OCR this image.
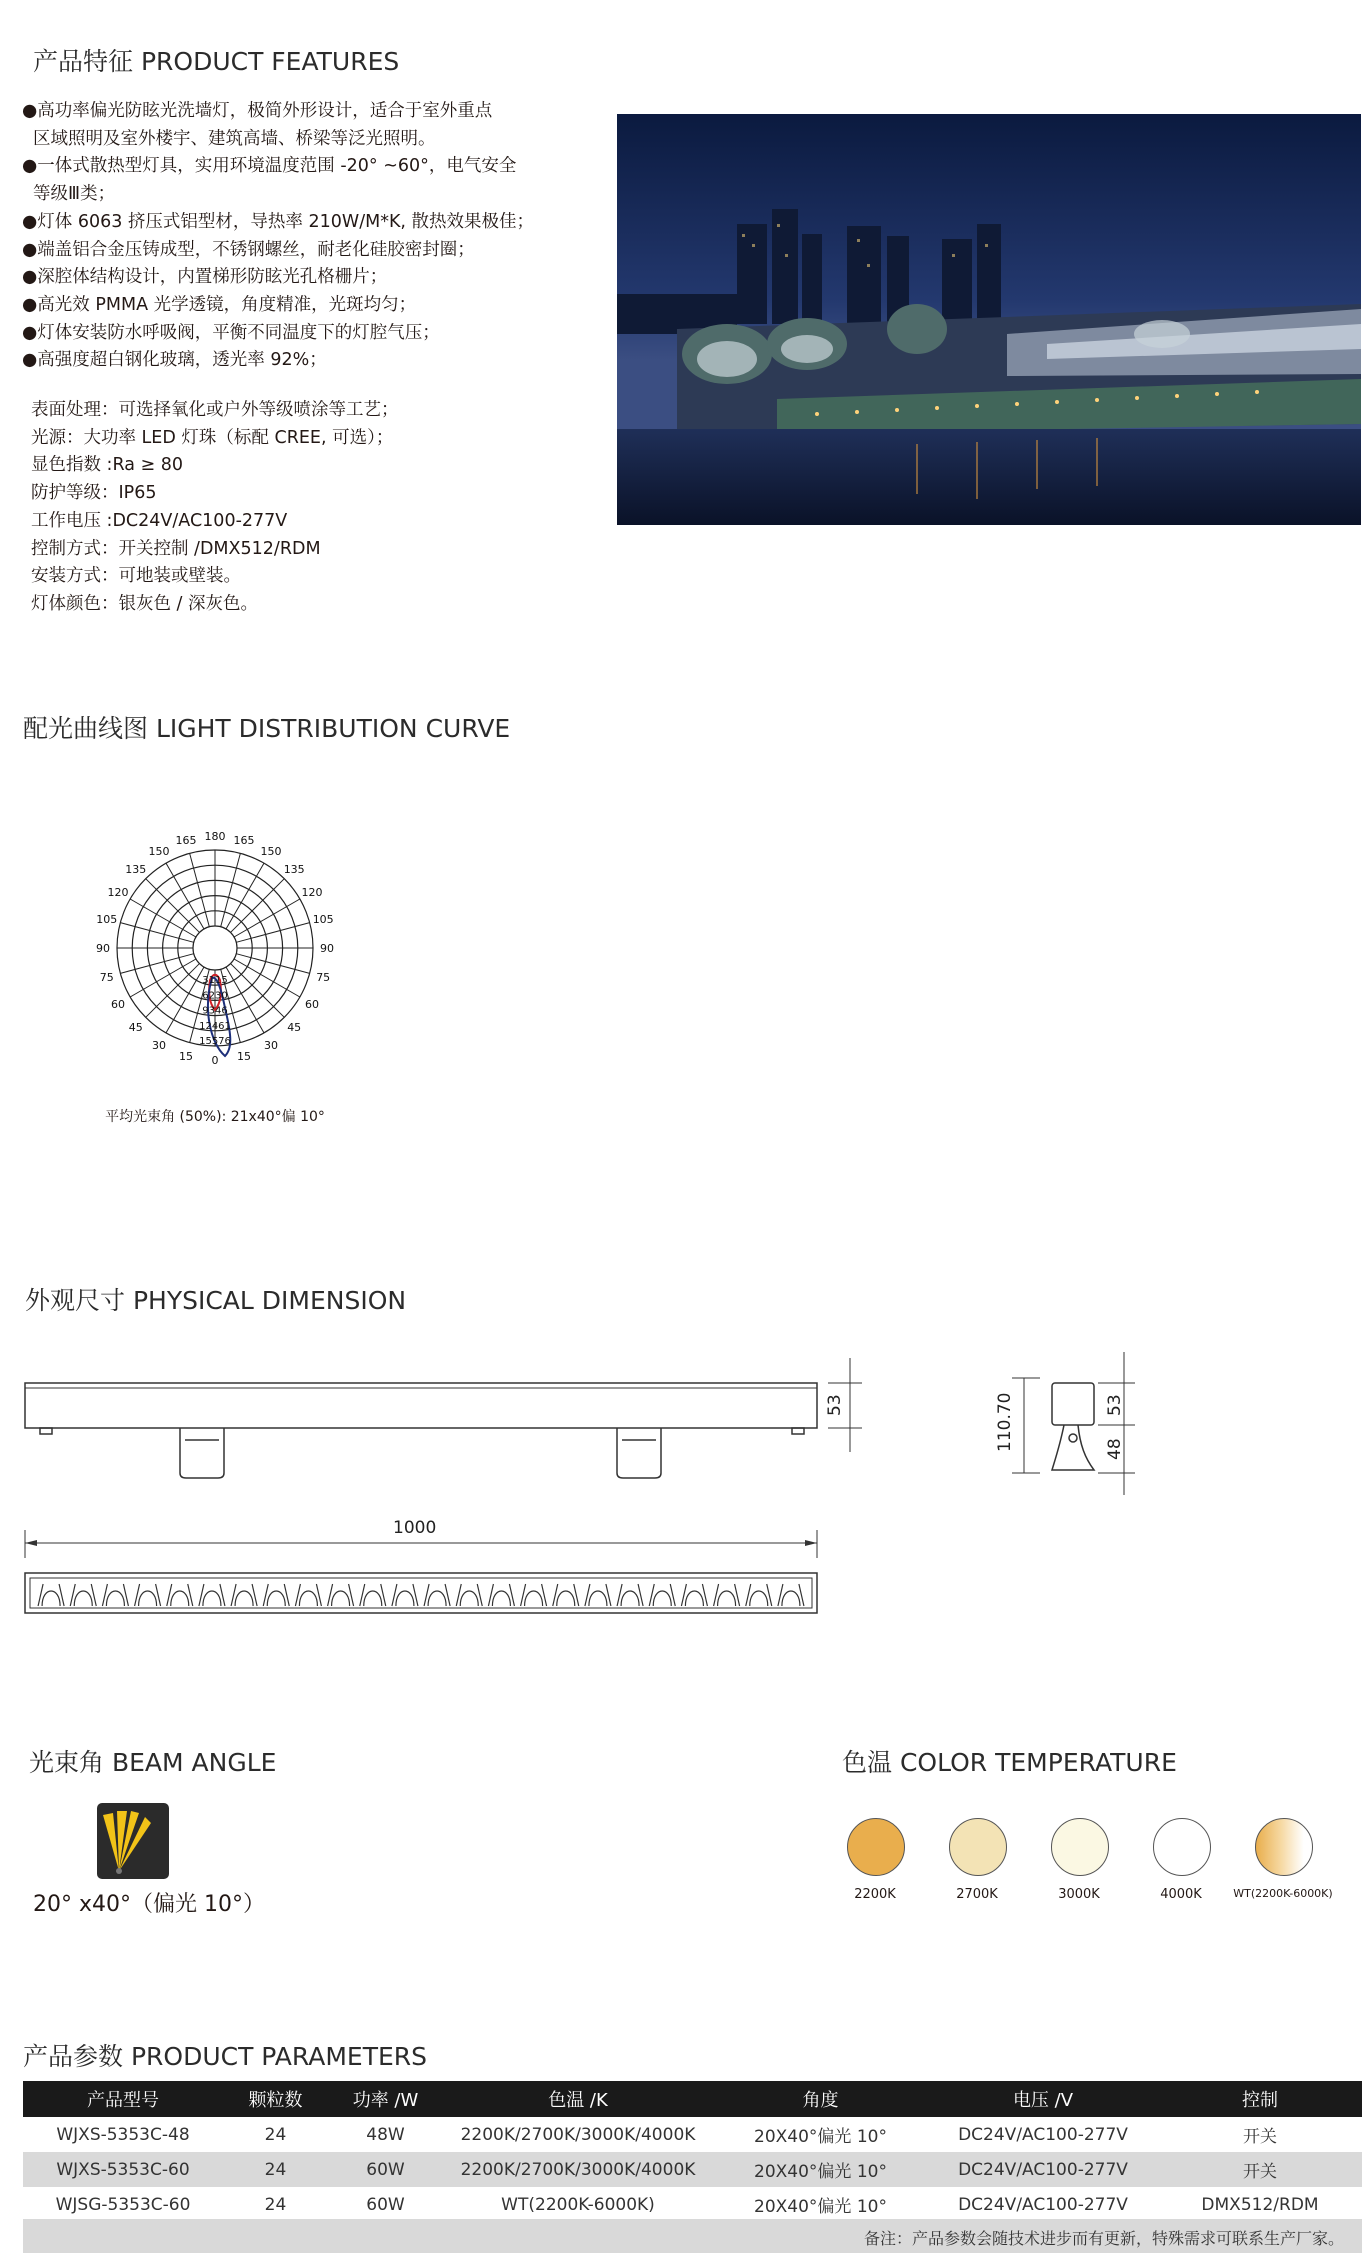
产品特征 PRODUCT FEATURES
●高功率偏光防眩光洗墙灯，极简外形设计，适合于室外重点
区域照明及室外楼宇、建筑高墙、桥梁等泛光照明。
●一体式散热型灯具，实用环境温度范围 -20° ~60°，电气安全
等级Ⅲ类；
●灯体 6063 挤压式铝型材，导热率 210W/M*K, 散热效果极佳；
●端盖铝合金压铸成型，不锈钢螺丝，耐老化硅胶密封圈；
●深腔体结构设计，内置梯形防眩光孔格栅片；
●高光效 PMMA 光学透镜，角度精准，光斑均匀；
●灯体安装防水呼吸阀，平衡不同温度下的灯腔气压；
●高强度超白钢化玻璃，透光率 92%；
表面处理：可选择氧化或户外等级喷涂等工艺；
光源：大功率 LED 灯珠（标配 CREE, 可选）；
显色指数 :Ra ≥ 80
防护等级：IP65
工作电压 :DC24V/AC100-277V
控制方式：开关控制 /DMX512/RDM
安装方式：可地装或壁装。
灯体颜色：银灰色 / 深灰色。
配光曲线图 LIGHT DISTRIBUTION CURVE
180
165	165
150	150
135	135
120	120
105	105
90	90
75	75
60	60
45	45
30	30
15	15
0
3115
6230
9346
12461
15576
平均光束角 (50%): 21x40°偏 10°
外观尺寸 PHYSICAL DIMENSION
1000
53	110.70	53
48
光束角 BEAM ANGLE
20° x40°（偏光 10°）
色温 COLOR TEMPERATURE
2200K	2700K	3000K	4000K	WT(2200K-6000K)
产品参数 PRODUCT PARAMETERS
产品型号	颗粒数	功率 /W	色温 /K	角度	电压 /V	控制
WJXS-5353C-48	24	48W	2200K/2700K/3000K/4000K	20X40°偏光 10°	DC24V/AC100-277V	开关
WJXS-5353C-60	24	60W	2200K/2700K/3000K/4000K	20X40°偏光 10°	DC24V/AC100-277V	开关
WJSG-5353C-60	24	60W	WT(2200K-6000K)	20X40°偏光 10°	DC24V/AC100-277V	DMX512/RDM
备注：产品参数会随技术进步而有更新，特殊需求可联系生产厂家。
